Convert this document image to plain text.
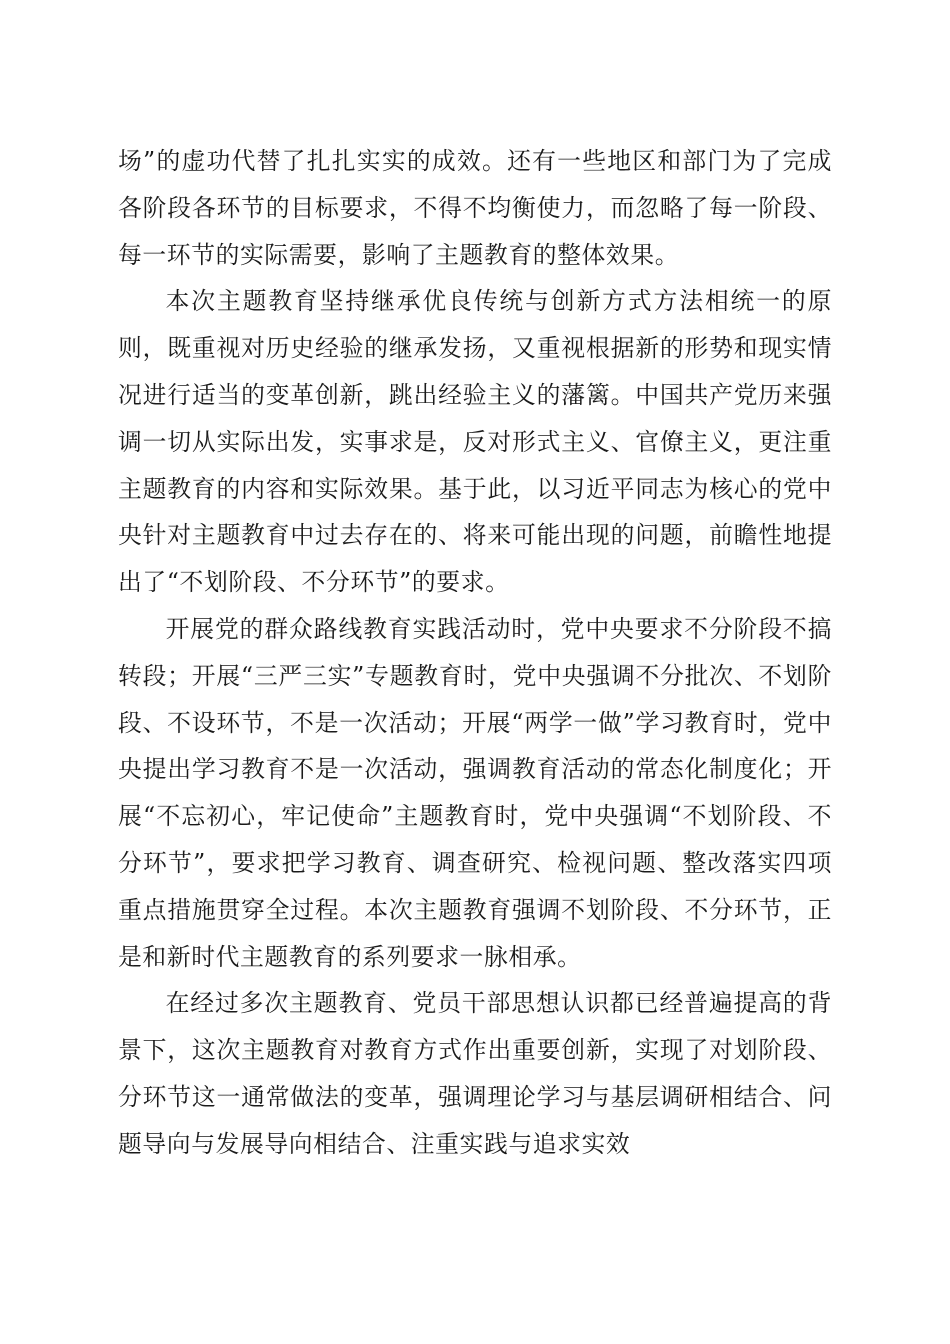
场”的虚功代替了扎扎实实的成效。还有一些地区和部门为了完成各阶段各环节的目标要求，不得不均衡使力，而忽略了每一阶段、每一环节的实际需要，影响了主题教育的整体效果。

本次主题教育坚持继承优良传统与创新方式方法相统一的原则，既重视对历史经验的继承发扬，又重视根据新的形势和现实情况进行适当的变革创新，跳出经验主义的藩篱。中国共产党历来强调一切从实际出发，实事求是，反对形式主义、官僚主义，更注重主题教育的内容和实际效果。基于此，以习近平同志为核心的党中央针对主题教育中过去存在的、将来可能出现的问题，前瞻性地提出了“不划阶段、不分环节”的要求。

开展党的群众路线教育实践活动时，党中央要求不分阶段不搞转段；开展“三严三实”专题教育时，党中央强调不分批次、不划阶段、不设环节，不是一次活动；开展“两学一做”学习教育时，党中央提出学习教育不是一次活动，强调教育活动的常态化制度化；开展“不忘初心，牢记使命”主题教育时，党中央强调“不划阶段、不分环节”，要求把学习教育、调查研究、检视问题、整改落实四项重点措施贯穿全过程。本次主题教育强调不划阶段、不分环节，正是和新时代主题教育的系列要求一脉相承。

在经过多次主题教育、党员干部思想认识都已经普遍提高的背景下，这次主题教育对教育方式作出重要创新，实现了对划阶段、分环节这一通常做法的变革，强调理论学习与基层调研相结合、问题导向与发展导向相结合、注重实践与追求实效
